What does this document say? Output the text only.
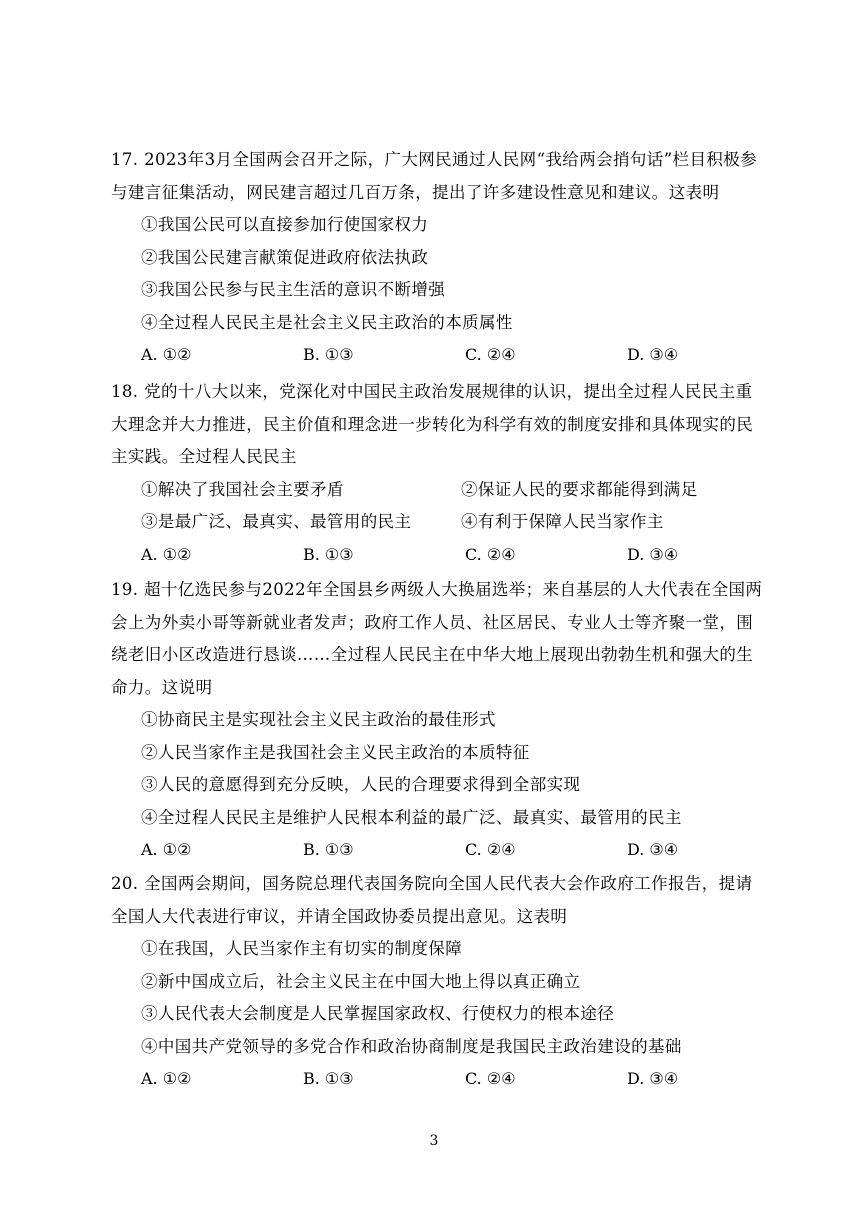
17. 2023年3月全国两会召开之际，广大网民通过人民网“我给两会捎句话”栏目积极参与建言征集活动，网民建言超过几百万条，提出了许多建设性意见和建议。这表明

①我国公民可以直接参加行使国家权力

②我国公民建言献策促进政府依法执政

③我国公民参与民主生活的意识不断增强

④全过程人民民主是社会主义民主政治的本质属性

A. ①②	B. ①③	C. ②④	D. ③④

18. 党的十八大以来，党深化对中国民主政治发展规律的认识，提出全过程人民民主重大理念并大力推进，民主价值和理念进一步转化为科学有效的制度安排和具体现实的民主实践。全过程人民民主

①解决了我国社会主要矛盾	②保证人民的要求都能得到满足
③是最广泛、最真实、最管用的民主	④有利于保障人民当家作主
A. ①②	B. ①③	C. ②④	D. ③④

19. 超十亿选民参与2022年全国县乡两级人大换届选举；来自基层的人大代表在全国两会上为外卖小哥等新就业者发声；政府工作人员、社区居民、专业人士等齐聚一堂，围绕老旧小区改造进行恳谈……全过程人民民主在中华大地上展现出勃勃生机和强大的生命力。这说明

①协商民主是实现社会主义民主政治的最佳形式

②人民当家作主是我国社会主义民主政治的本质特征

③人民的意愿得到充分反映，人民的合理要求得到全部实现

④全过程人民民主是维护人民根本利益的最广泛、最真实、最管用的民主

A. ①②	B. ①③	C. ②④	D. ③④

20. 全国两会期间，国务院总理代表国务院向全国人民代表大会作政府工作报告，提请全国人大代表进行审议，并请全国政协委员提出意见。这表明

①在我国，人民当家作主有切实的制度保障

②新中国成立后，社会主义民主在中国大地上得以真正确立

③人民代表大会制度是人民掌握国家政权、行使权力的根本途径

④中国共产党领导的多党合作和政治协商制度是我国民主政治建设的基础

A. ①②	B. ①③	C. ②④	D. ③④
3
